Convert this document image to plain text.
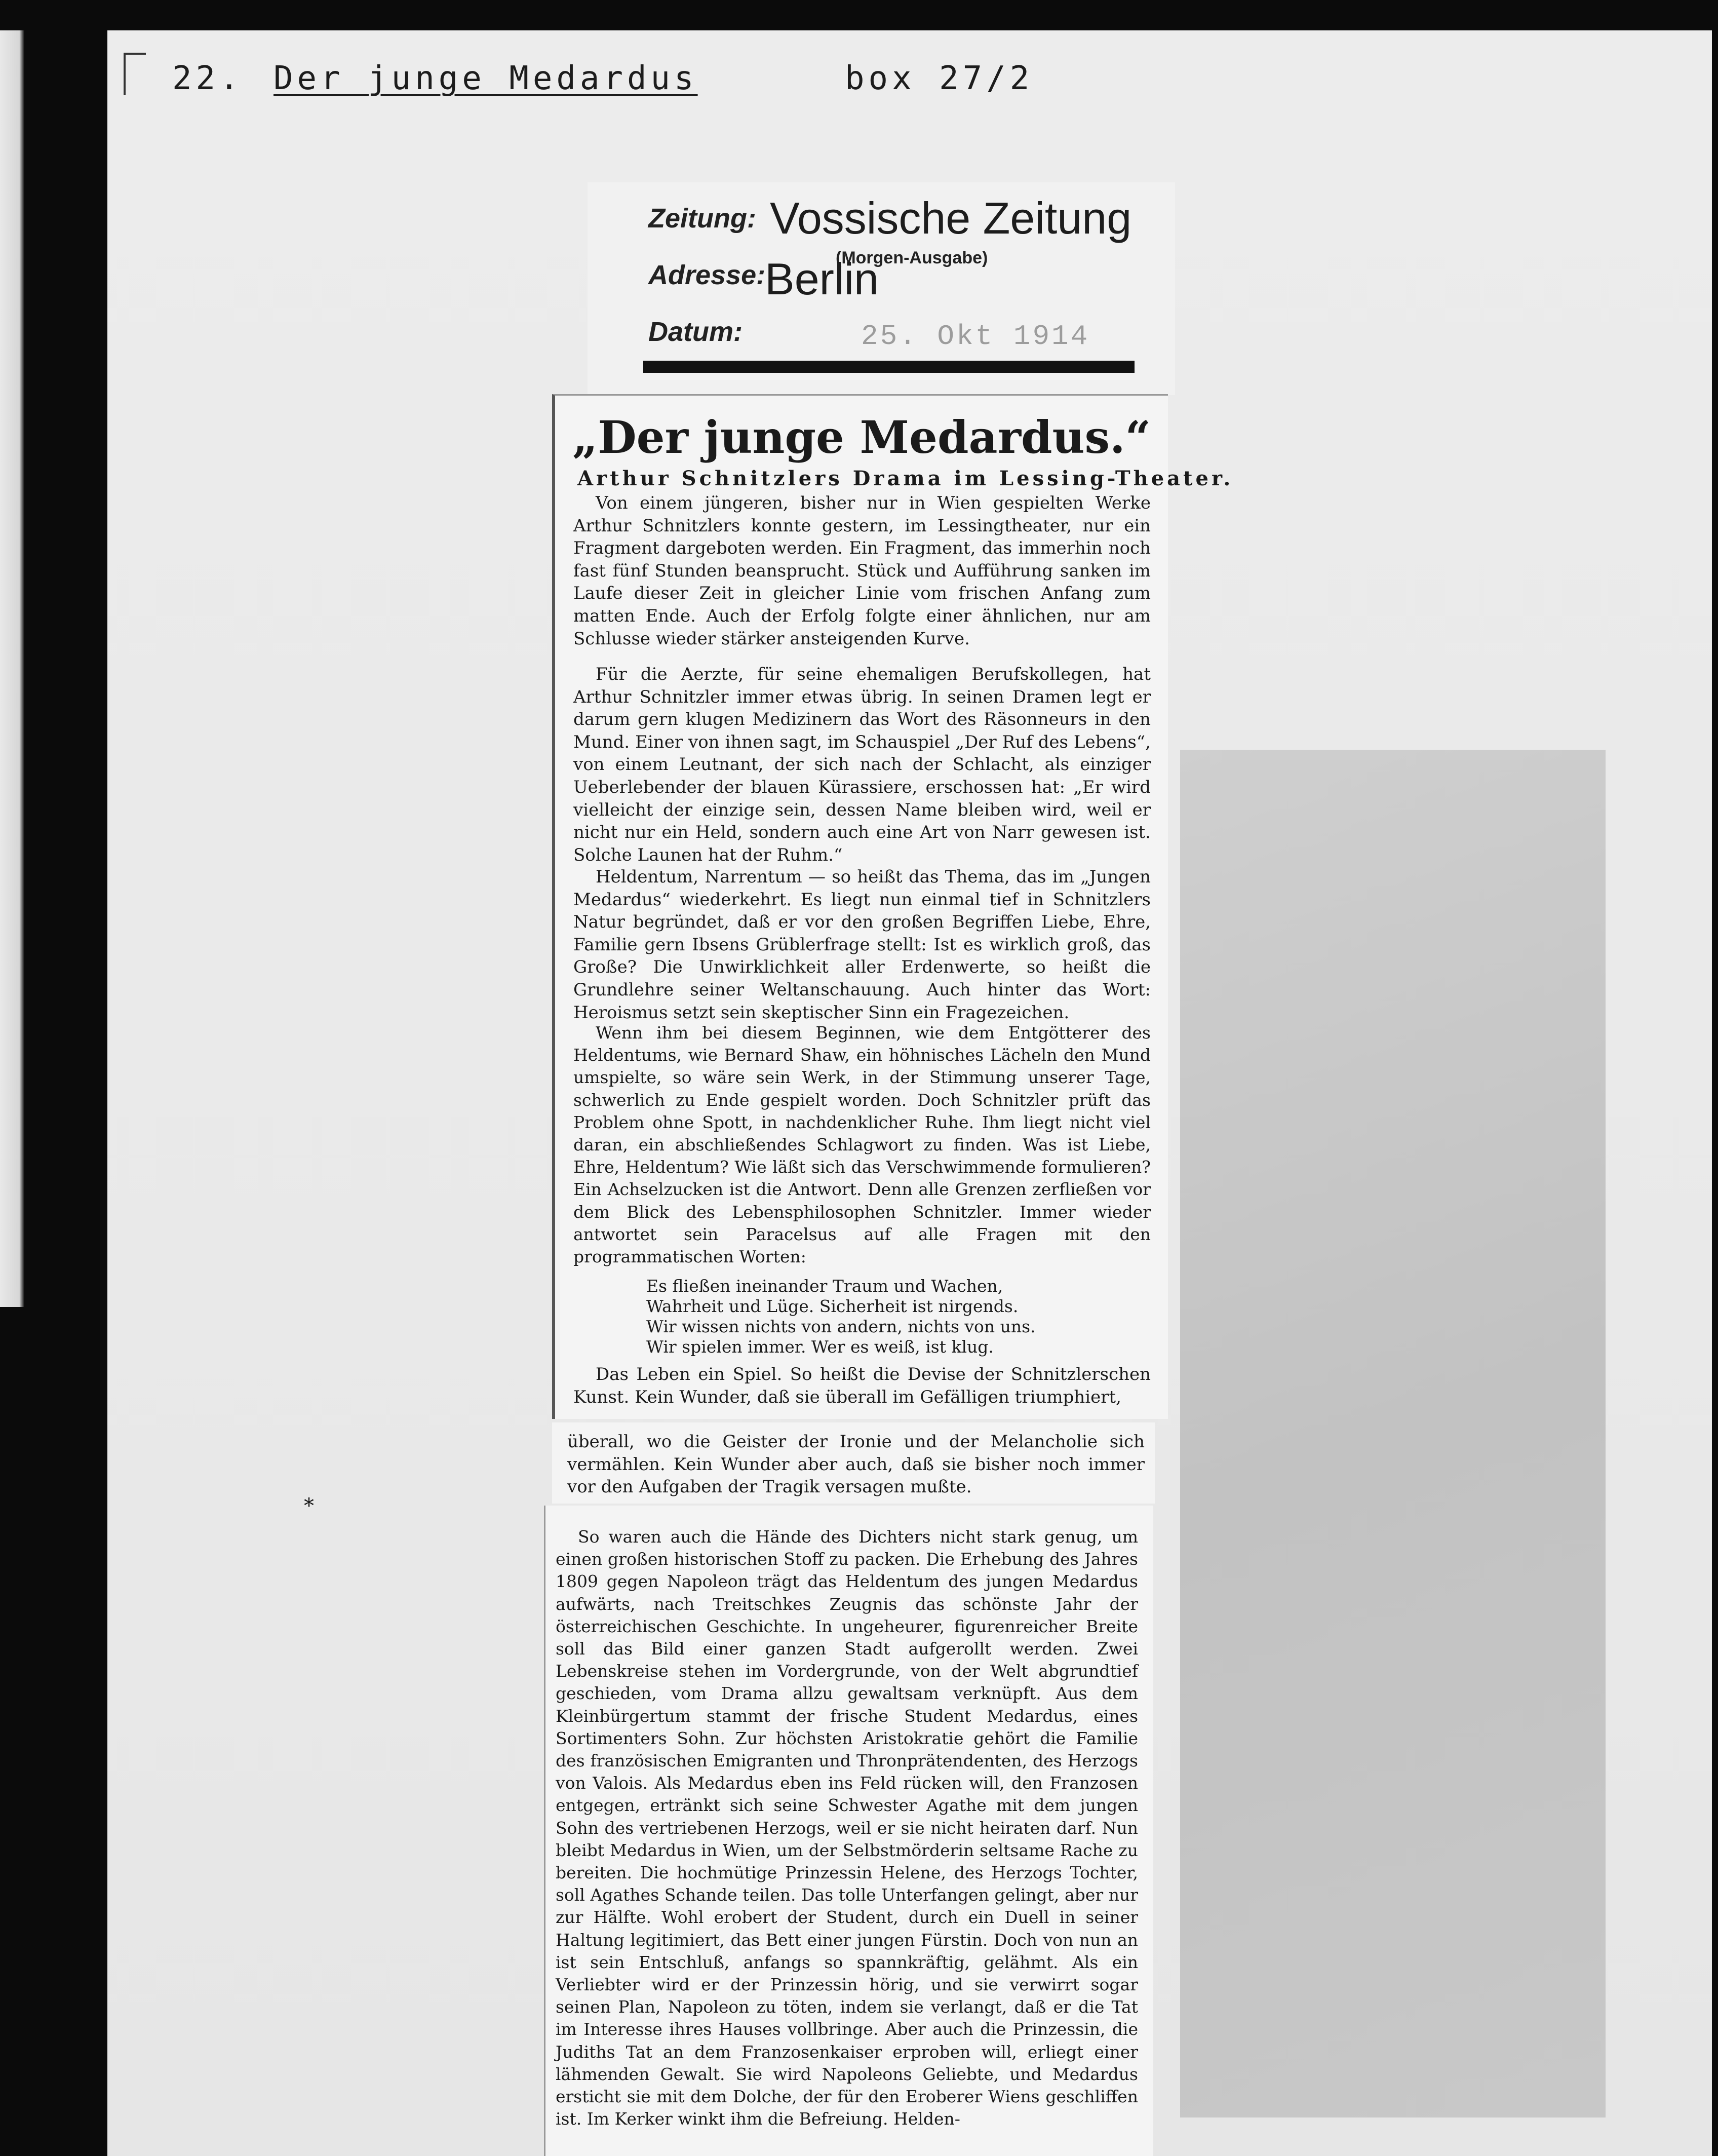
22. Der junge Medardus	box 27/2
Zeitung: Vossische Zeitung
(Morgen-Ausgabe)
Adresse:
Berlin
Datum:	25. Okt 1914
„Der junge Medardus.“
Arthur Schnitzlers Drama im Lessing-Theater.

Von einem jüngeren, bisher nur in Wien gespielten Werke Arthur Schnitzlers konnte gestern, im Lessingtheater, nur ein Fragment dargeboten werden. Ein Fragment, das immerhin noch fast fünf Stunden beansprucht. Stück und Aufführung sanken im Laufe dieser Zeit in gleicher Linie vom frischen Anfang zum matten Ende. Auch der Erfolg folgte einer ähnlichen, nur am Schlusse wieder stärker ansteigenden Kurve.

Für die Aerzte, für seine ehemaligen Berufskollegen, hat Arthur Schnitzler immer etwas übrig. In seinen Dramen legt er darum gern klugen Medizinern das Wort des Räsonneurs in den Mund. Einer von ihnen sagt, im Schauspiel „Der Ruf des Lebens“, von einem Leutnant, der sich nach der Schlacht, als einziger Ueberlebender der blauen Kürassiere, erschossen hat: „Er wird vielleicht der einzige sein, dessen Name bleiben wird, weil er nicht nur ein Held, sondern auch eine Art von Narr gewesen ist. Solche Launen hat der Ruhm.“

Heldentum, Narrentum — so heißt das Thema, das im „Jungen Medardus“ wiederkehrt. Es liegt nun einmal tief in Schnitzlers Natur begründet, daß er vor den großen Begriffen Liebe, Ehre, Familie gern Ibsens Grüblerfrage stellt: Ist es wirklich groß, das Große? Die Unwirklichkeit aller Erdenwerte, so heißt die Grundlehre seiner Weltanschauung. Auch hinter das Wort: Heroismus setzt sein skeptischer Sinn ein Fragezeichen.

Wenn ihm bei diesem Beginnen, wie dem Entgötterer des Heldentums, wie Bernard Shaw, ein höhnisches Lächeln den Mund umspielte, so wäre sein Werk, in der Stimmung unserer Tage, schwerlich zu Ende gespielt worden. Doch Schnitzler prüft das Problem ohne Spott, in nachdenklicher Ruhe. Ihm liegt nicht viel daran, ein abschließendes Schlagwort zu finden. Was ist Liebe, Ehre, Heldentum? Wie läßt sich das Verschwimmende formulieren? Ein Achselzucken ist die Antwort. Denn alle Grenzen zerfließen vor dem Blick des Lebensphilosophen Schnitzler. Immer wieder antwortet sein Paracelsus auf alle Fragen mit den programmatischen Worten:

Es fließen ineinander Traum und Wachen,

Wahrheit und Lüge. Sicherheit ist nirgends.

Wir wissen nichts von andern, nichts von uns.

Wir spielen immer. Wer es weiß, ist klug.

Das Leben ein Spiel. So heißt die Devise der Schnitzlerschen Kunst. Kein Wunder, daß sie überall im Gefälligen triumphiert,

überall, wo die Geister der Ironie und der Melancholie sich vermählen. Kein Wunder aber auch, daß sie bisher noch immer vor den Aufgaben der Tragik versagen mußte.

*

So waren auch die Hände des Dichters nicht stark genug, um einen großen historischen Stoff zu packen. Die Erhebung des Jahres 1809 gegen Napoleon trägt das Heldentum des jungen Medardus aufwärts, nach Treitschkes Zeugnis das schönste Jahr der österreichischen Geschichte. In ungeheurer, figurenreicher Breite soll das Bild einer ganzen Stadt aufgerollt werden. Zwei Lebenskreise stehen im Vordergrunde, von der Welt abgrundtief geschieden, vom Drama allzu gewaltsam verknüpft. Aus dem Kleinbürgertum stammt der frische Student Medardus, eines Sortimenters Sohn. Zur höchsten Aristokratie gehört die Familie des französischen Emigranten und Thronprätendenten, des Herzogs von Valois. Als Medardus eben ins Feld rücken will, den Franzosen entgegen, ertränkt sich seine Schwester Agathe mit dem jungen Sohn des vertriebenen Herzogs, weil er sie nicht heiraten darf. Nun bleibt Medardus in Wien, um der Selbstmörderin seltsame Rache zu bereiten. Die hochmütige Prinzessin Helene, des Herzogs Tochter, soll Agathes Schande teilen. Das tolle Unterfangen gelingt, aber nur zur Hälfte. Wohl erobert der Student, durch ein Duell in seiner Haltung legitimiert, das Bett einer jungen Fürstin. Doch von nun an ist sein Entschluß, anfangs so spannkräftig, gelähmt. Als ein Verliebter wird er der Prinzessin hörig, und sie verwirrt sogar seinen Plan, Napoleon zu töten, indem sie verlangt, daß er die Tat im Interesse ihres Hauses vollbringe. Aber auch die Prinzessin, die Judiths Tat an dem Franzosenkaiser erproben will, erliegt einer lähmenden Gewalt. Sie wird Napoleons Geliebte, und Medardus ersticht sie mit dem Dolche, der für den Eroberer Wiens geschliffen ist. Im Kerker winkt ihm die Befreiung. Helden-
